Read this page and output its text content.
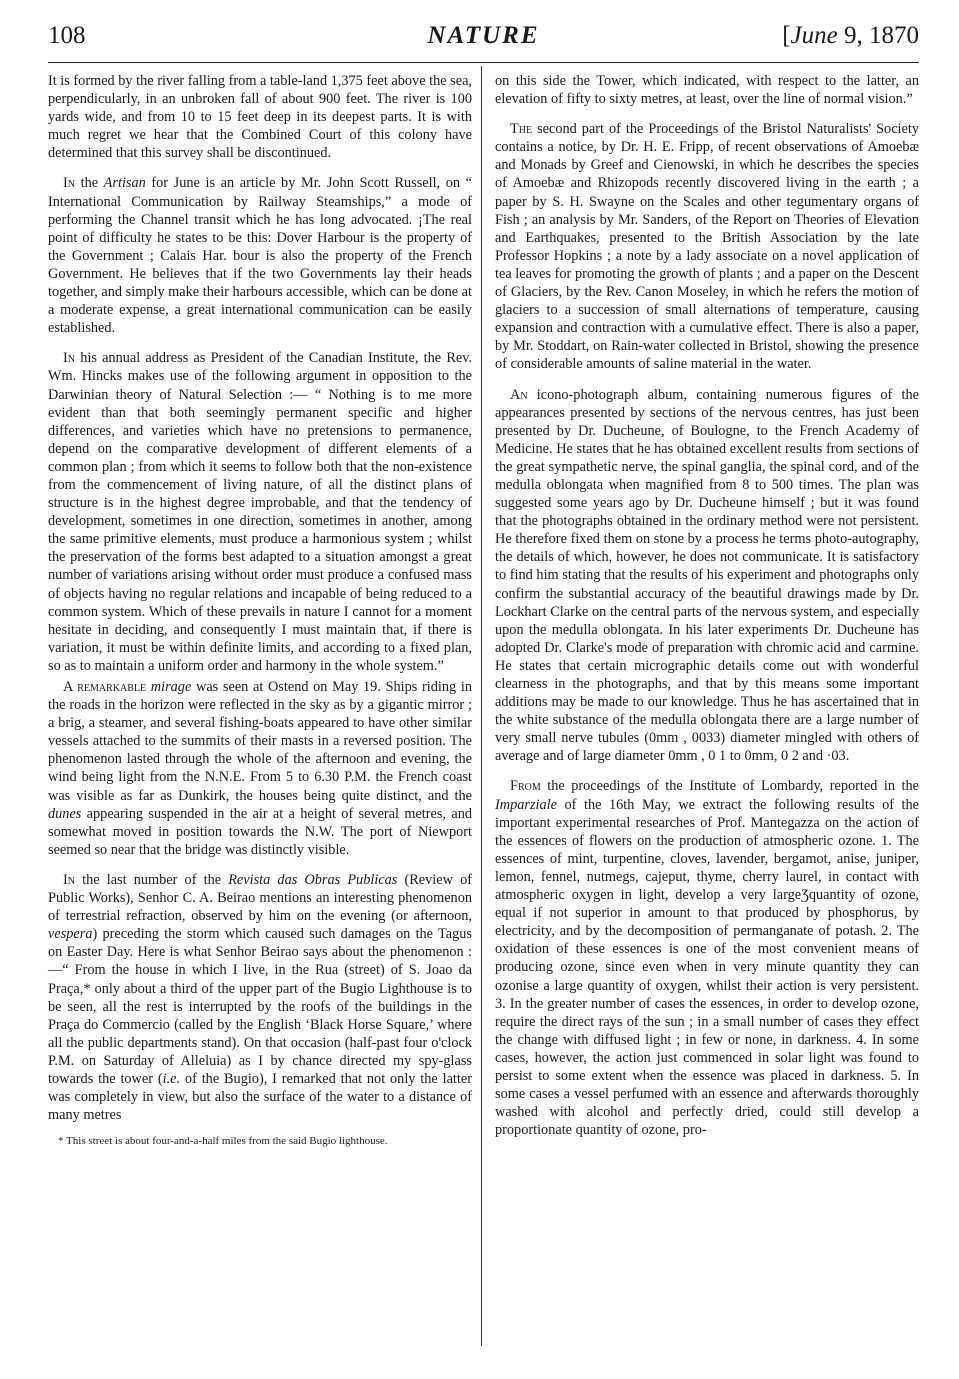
108	NATURE	[June 9, 1870

It is formed by the river falling from a table-land 1,375 feet above the sea, perpendicularly, in an unbroken fall of about 900 feet. The river is 100 yards wide, and from 10 to 15 feet deep in its deepest parts. It is with much regret we hear that the Combined Court of this colony have determined that this survey shall be discontinued.

In the Artisan for June is an article by Mr. John Scott Russell, on “ International Communication by Railway Steamships,” a mode of performing the Channel transit which he has long advocated. ¡The real point of difficulty he states to be this: Dover Harbour is the property of the Government ; Calais Har. bour is also the property of the French Government. He believes that if the two Governments lay their heads together, and simply make their harbours accessible, which can be done at a moderate expense, a great international communication can be easily established.

In his annual address as President of the Canadian Institute, the Rev. Wm. Hincks makes use of the following argument in opposition to the Darwinian theory of Natural Selection :— “ Nothing is to me more evident than that both seemingly permanent specific and higher differences, and varieties which have no pretensions to permanence, depend on the comparative development of different elements of a common plan ; from which it seems to follow both that the non-existence from the commencement of living nature, of all the distinct plans of structure is in the highest degree improbable, and that the tendency of development, sometimes in one direction, sometimes in another, among the same primitive elements, must produce a harmonious system ; whilst the preservation of the forms best adapted to a situation amongst a great number of variations arising without order must produce a confused mass of objects having no regular relations and incapable of being reduced to a common system. Which of these prevails in nature I cannot for a moment hesitate in deciding, and consequently I must maintain that, if there is variation, it must be within definite limits, and according to a fixed plan, so as to maintain a uniform order and harmony in the whole system.”

A remarkable mirage was seen at Ostend on May 19. Ships riding in the roads in the horizon were reflected in the sky as by a gigantic mirror ; a brig, a steamer, and several fishing-boats appeared to have other similar vessels attached to the summits of their masts in a reversed position. The phenomenon lasted through the whole of the afternoon and evening, the wind being light from the N.N.E. From 5 to 6.30 P.M. the French coast was visible as far as Dunkirk, the houses being quite distinct, and the dunes appearing suspended in the air at a height of several metres, and somewhat moved in position towards the N.W. The port of Niewport seemed so near that the bridge was distinctly visible.

In the last number of the Revista das Obras Publicas (Review of Public Works), Senhor C. A. Beirao mentions an interesting phenomenon of terrestrial refraction, observed by him on the evening (or afternoon, vespera) preceding the storm which caused such damages on the Tagus on Easter Day. Here is what Senhor Beirao says about the phenomenon :—“ From the house in which I live, in the Rua (street) of S. Joao da Praça,* only about a third of the upper part of the Bugio Lighthouse is to be seen, all the rest is interrupted by the roofs of the buildings in the Praça do Commercio (called by the English ‘Black Horse Square,’ where all the public departments stand). On that occasion (half-past four o'clock P.M. on Saturday of Alleluia) as I by chance directed my spy-glass towards the tower (i.e. of the Bugio), I remarked that not only the latter was completely in view, but also the surface of the water to a distance of many metres

* This street is about four-and-a-half miles from the said Bugio lighthouse.

on this side the Tower, which indicated, with respect to the latter, an elevation of fifty to sixty metres, at least, over the line of normal vision.”

The second part of the Proceedings of the Bristol Naturalists' Society contains a notice, by Dr. H. E. Fripp, of recent observations of Amoebæ and Monads by Greef and Cienowski, in which he describes the species of Amoebæ and Rhizopods recently discovered living in the earth ; a paper by S. H. Swayne on the Scales and other tegumentary organs of Fish ; an analysis by Mr. Sanders, of the Report on Theories of Elevation and Earthquakes, presented to the British Association by the late Professor Hopkins ; a note by a lady associate on a novel application of tea leaves for promoting the growth of plants ; and a paper on the Descent of Glaciers, by the Rev. Canon Moseley, in which he refers the motion of glaciers to a succession of small alternations of temperature, causing expansion and contraction with a cumulative effect. There is also a paper, by Mr. Stoddart, on Rain-water collected in Bristol, showing the presence of considerable amounts of saline material in the water.

An icono-photograph album, containing numerous figures of the appearances presented by sections of the nervous centres, has just been presented by Dr. Ducheune, of Boulogne, to the French Academy of Medicine. He states that he has obtained excellent results from sections of the great sympathetic nerve, the spinal ganglia, the spinal cord, and of the medulla oblongata when magnified from 8 to 500 times. The plan was suggested some years ago by Dr. Ducheune himself ; but it was found that the photographs obtained in the ordinary method were not persistent. He therefore fixed them on stone by a process he terms photo-autography, the details of which, however, he does not communicate. It is satisfactory to find him stating that the results of his experiment and photographs only confirm the substantial accuracy of the beautiful drawings made by Dr. Lockhart Clarke on the central parts of the nervous system, and especially upon the medulla oblongata. In his later experiments Dr. Ducheune has adopted Dr. Clarke's mode of preparation with chromic acid and carmine. He states that certain micrographic details come out with wonderful clearness in the photographs, and that by this means some important additions may be made to our knowledge. Thus he has ascertained that in the white substance of the medulla oblongata there are a large number of very small nerve tubules (0mm , 0033) diameter mingled with others of average and of large diameter 0mm , 0 1 to 0mm, 0 2 and ·03.

From the proceedings of the Institute of Lombardy, reported in the Imparziale of the 16th May, we extract the following results of the important experimental researches of Prof. Mantegazza on the action of the essences of flowers on the production of atmospheric ozone. 1. The essences of mint, turpentine, cloves, lavender, bergamot, anise, juniper, lemon, fennel, nutmegs, cajeput, thyme, cherry laurel, in contact with atmospheric oxygen in light, develop a very largeƷquantity of ozone, equal if not superior in amount to that produced by phosphorus, by electricity, and by the decomposition of permanganate of potash. 2. The oxidation of these essences is one of the most convenient means of producing ozone, since even when in very minute quantity they can ozonise a large quantity of oxygen, whilst their action is very persistent. 3. In the greater number of cases the essences, in order to develop ozone, require the direct rays of the sun ; in a small number of cases they effect the change with diffused light ; in few or none, in darkness. 4. In some cases, however, the action just commenced in solar light was found to persist to some extent when the essence was placed in darkness. 5. In some cases a vessel perfumed with an essence and afterwards thoroughly washed with alcohol and perfectly dried, could still develop a proportionate quantity of ozone, pro-
